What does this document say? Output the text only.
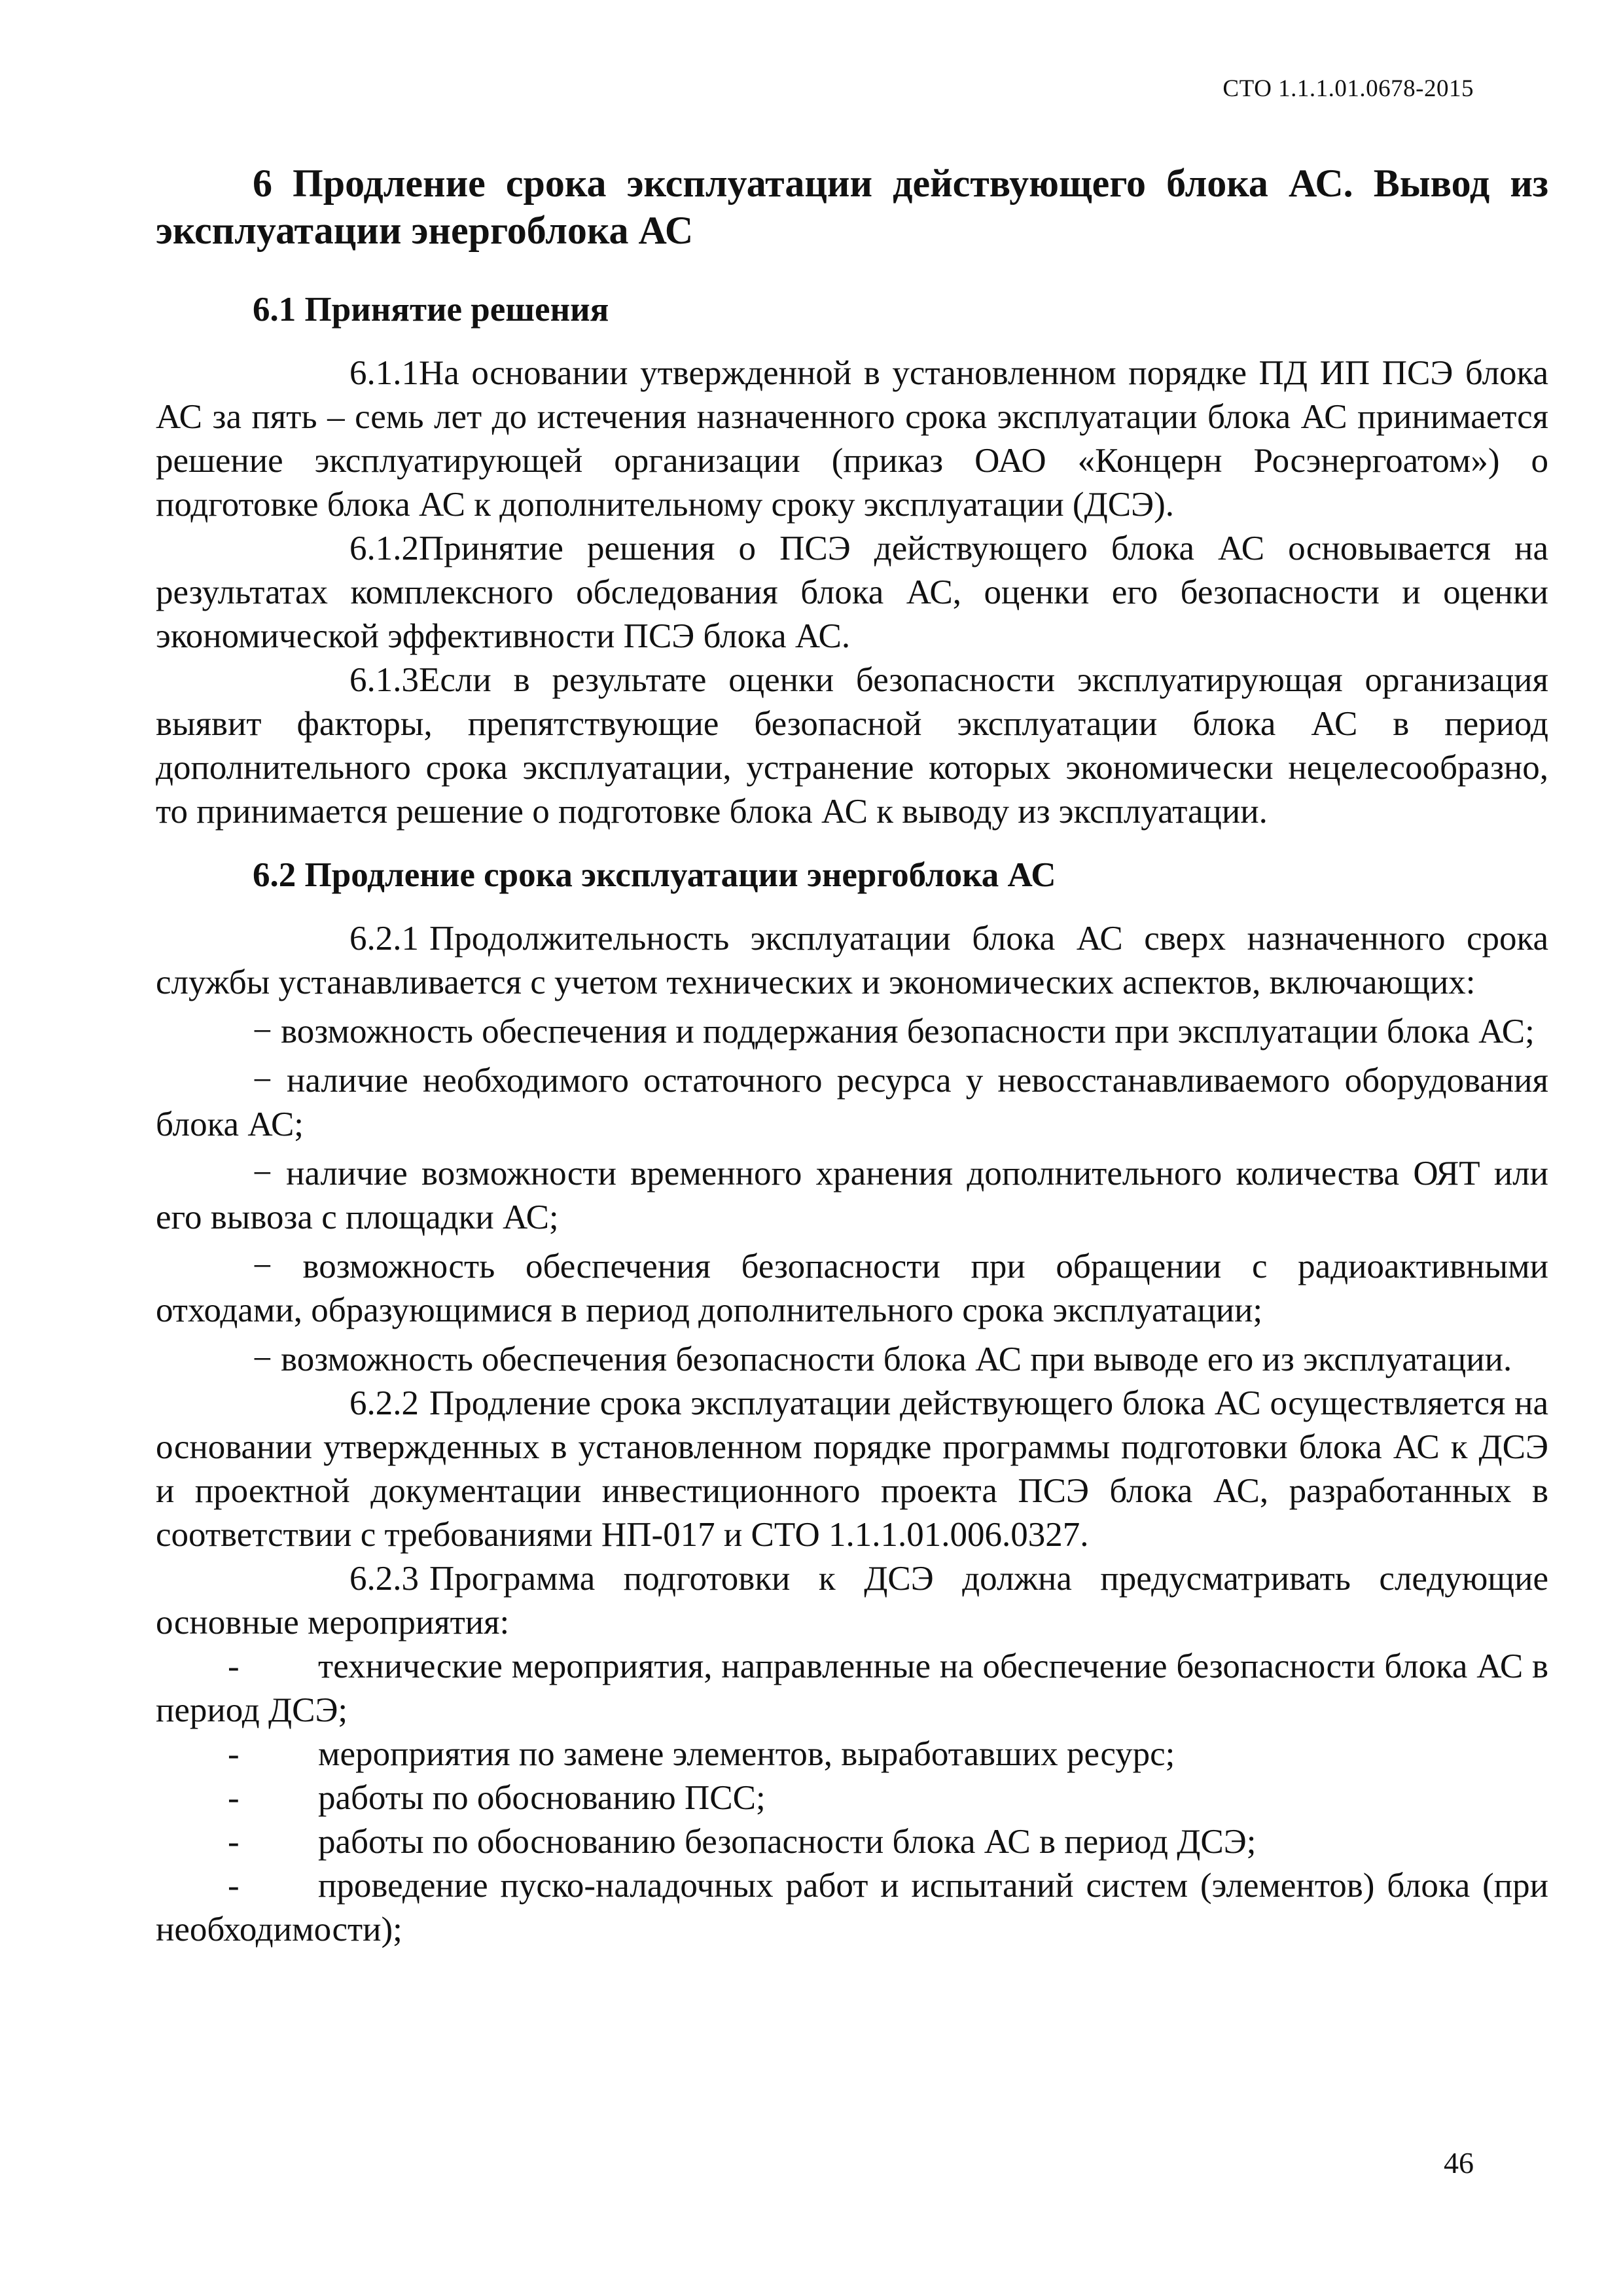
СТО 1.1.1.01.0678-2015
6 Продление срока эксплуатации действующего блока АС. Вывод из эксплуатации энергоблока АС
6.1 Принятие решения

6.1.1На основании утвержденной в установленном порядке ПД ИП ПСЭ блока АС за пять – семь лет до истечения назначенного срока эксплуатации блока АС принимается решение эксплуатирующей организации (приказ ОАО «Концерн Росэнергоатом») о подготовке блока АС к дополнительному сроку эксплуатации (ДСЭ).

6.1.2Принятие решения о ПСЭ действующего блока АС основывается на результатах комплексного обследования блока АС, оценки его безопасности и оценки экономической эффективности ПСЭ блока АС.

6.1.3Если в результате оценки безопасности эксплуатирующая организация выявит факторы, препятствующие безопасной эксплуатации блока АС в период дополнительного срока эксплуатации, устранение которых экономически нецелесообразно, то принимается решение о подготовке блока АС к выводу из эксплуатации.

6.2 Продление срока эксплуатации энергоблока АС

6.2.1 Продолжительность эксплуатации блока АС сверх назначенного срока службы устанавливается с учетом технических и экономических аспектов, включающих:

− возможность обеспечения и поддержания безопасности при эксплуатации блока АС;

− наличие необходимого остаточного ресурса у невосстанавливаемого оборудования блока АС;

− наличие возможности временного хранения дополнительного количества ОЯТ или его вывоза с площадки АС;

− возможность обеспечения безопасности при обращении с радиоактивными отходами, образующимися в период дополнительного срока эксплуатации;

− возможность обеспечения безопасности блока АС при выводе его из эксплуатации.

6.2.2 Продление срока эксплуатации действующего блока АС осуществляется на основании утвержденных в установленном порядке программы подготовки блока АС к ДСЭ и проектной документации инвестиционного проекта ПСЭ блока АС, разработанных в соответствии с требованиями НП-017 и СТО 1.1.1.01.006.0327.

6.2.3 Программа подготовки к ДСЭ должна предусматривать следующие основные мероприятия:

- технические мероприятия, направленные на обеспечение безопасности блока АС в период ДСЭ;

- мероприятия по замене элементов, выработавших ресурс;

- работы по обоснованию ПСС;

- работы по обоснованию безопасности блока АС в период ДСЭ;

- проведение пуско-наладочных работ и испытаний систем (элементов) блока (при необходимости);

46
